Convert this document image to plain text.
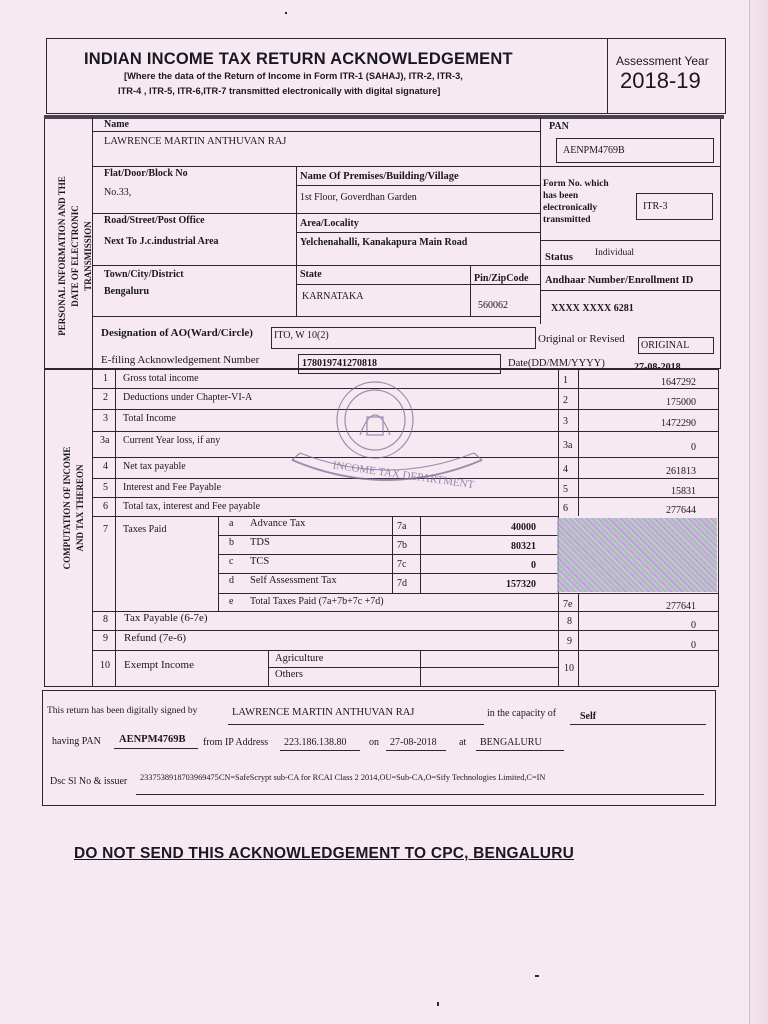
INDIAN INCOME TAX RETURN ACKNOWLEDGEMENT
[Where the data of the Return of Income in Form ITR-1 (SAHAJ), ITR-2, ITR-3,
ITR-4 , ITR-5, ITR-6,ITR-7 transmitted electronically with digital signature]
Assessment Year
2018-19
PERSONAL INFORMATION AND THE DATE OF ELECTRONIC TRANSMISSION
Name
LAWRENCE MARTIN ANTHUVAN RAJ
PAN
AENPM4769B
Flat/Door/Block No
No.33,
Name Of Premises/Building/Village
1st Floor, Goverdhan Garden
Form No. which
has been
electronically
transmitted
ITR-3
Road/Street/Post Office
Next To J.c.industrial Area
Area/Locality
Yelchenahalli, Kanakapura Main Road
Status Individual
Town/City/District
Bengaluru
State
KARNATAKA
Pin/ZipCode
560062
Andhaar Number/Enrollment ID
XXXX XXXX 6281
Designation of AO(Ward/Circle) ITO, W 10(2)	Original or Revised
ORIGINAL
E-filing Acknowledgement Number	178019741270818	Date(DD/MM/YYYY)	27-08-2018
COMPUTATION OF INCOME AND TAX THEREON
1 Gross total income	1	1647292
2 Deductions under Chapter-VI-A	2	175000
3 Total Income	3	1472290
3a Current Year loss, if any	3a	0
4 Net tax payable	4	261813
5 Interest and Fee Payable	5	15831
6 Total tax, interest and Fee payable	6	277644
7 Taxes Paid
a Advance Tax	7a	40000
b TDS	7b	80321
c TCS	7c	0
d Self Assessment Tax	7d	157320
e Total Taxes Paid (7a+7b+7c +7d)	7e	277641
8 Tax Payable (6-7e)	8	0
9 Refund (7e-6)	9	0
10 Exempt Income
Agriculture
Others
10
INCOME TAX DEPARTMENT
This return has been digitally signed by	LAWRENCE MARTIN ANTHUVAN RAJ	in the capacity of Self
having PAN AENPM4769B from IP Address 223.186.138.80 on 27-08-2018 at BENGALURU
Dsc Sl No & issuer 2337538918703969475CN=SafeScrypt sub-CA for RCAI Class 2 2014,OU=Sub-CA,O=Sify Technologies Limited,C=IN
DO NOT SEND THIS ACKNOWLEDGEMENT TO CPC, BENGALURU
